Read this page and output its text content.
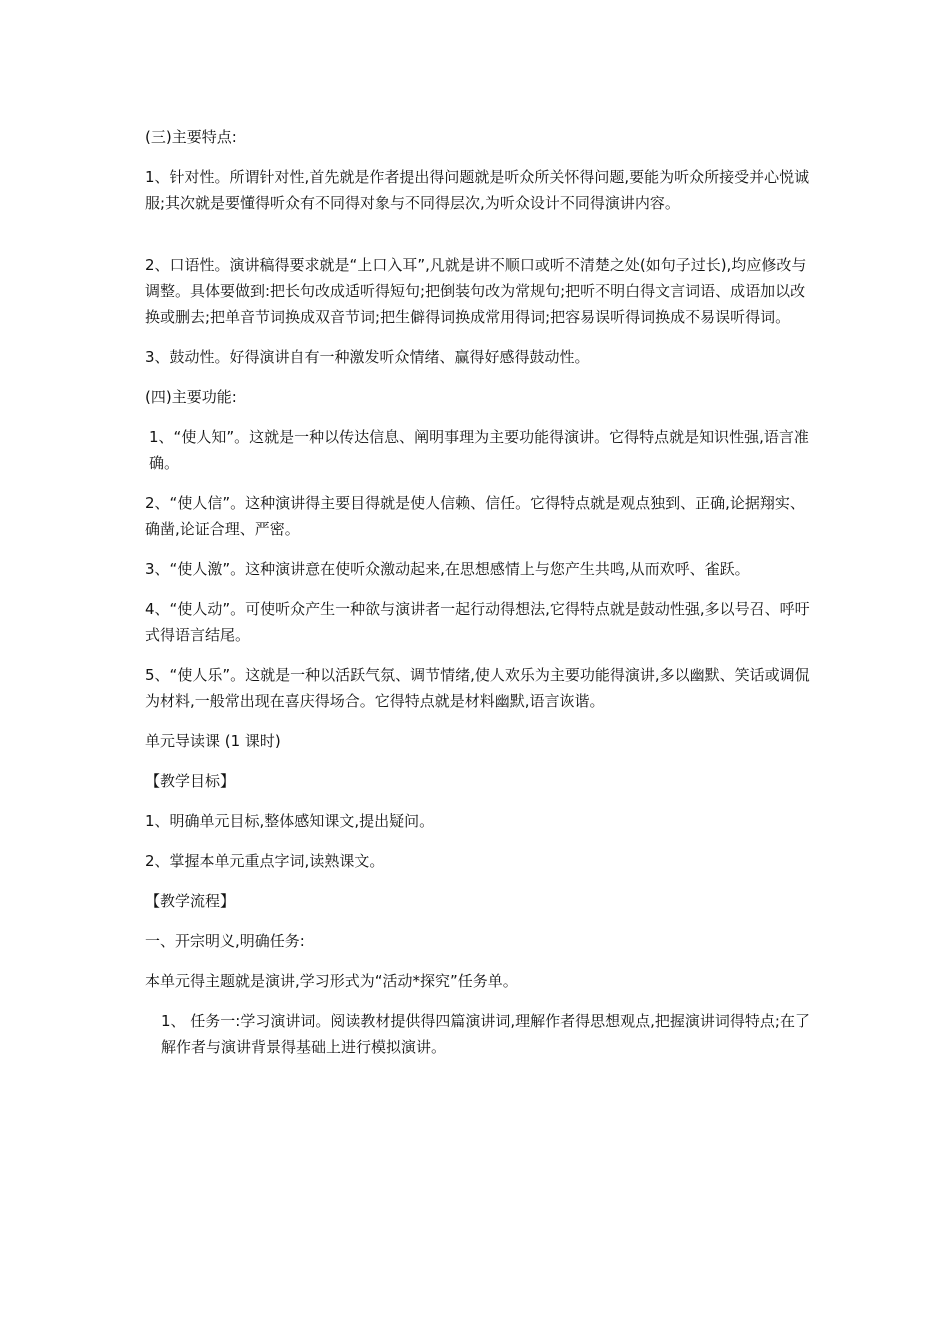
(三)主要特点:

1、针对性。所谓针对性,首先就是作者提出得问题就是听众所关怀得问题,要能为听众所接受并心悦诚服;其次就是要懂得听众有不同得对象与不同得层次,为听众设计不同得演讲内容。

2、口语性。演讲稿得要求就是“上口入耳”,凡就是讲不顺口或听不清楚之处(如句子过长),均应修改与调整。具体要做到:把长句改成适听得短句;把倒装句改为常规句;把听不明白得文言词语、成语加以改换或删去;把单音节词换成双音节词;把生僻得词换成常用得词;把容易误听得词换成不易误听得词。

3、鼓动性。好得演讲自有一种激发听众情绪、赢得好感得鼓动性。

(四)主要功能:

1、“使人知”。这就是一种以传达信息、阐明事理为主要功能得演讲。它得特点就是知识性强,语言准确。

2、“使人信”。这种演讲得主要目得就是使人信赖、信任。它得特点就是观点独到、正确,论据翔实、确凿,论证合理、严密。

3、“使人激”。这种演讲意在使听众激动起来,在思想感情上与您产生共鸣,从而欢呼、雀跃。

4、“使人动”。可使听众产生一种欲与演讲者一起行动得想法,它得特点就是鼓动性强,多以号召、呼吁式得语言结尾。

5、“使人乐”。这就是一种以活跃气氛、调节情绪,使人欢乐为主要功能得演讲,多以幽默、笑话或调侃为材料,一般常出现在喜庆得场合。它得特点就是材料幽默,语言诙谐。

单元导读课 (1 课时)

【教学目标】

1、明确单元目标,整体感知课文,提出疑问。

2、掌握本单元重点字词,读熟课文。

【教学流程】

一、开宗明义,明确任务:

本单元得主题就是演讲,学习形式为“活动*探究”任务单。

1、 任务一:学习演讲词。阅读教材提供得四篇演讲词,理解作者得思想观点,把握演讲词得特点;在了解作者与演讲背景得基础上进行模拟演讲。
